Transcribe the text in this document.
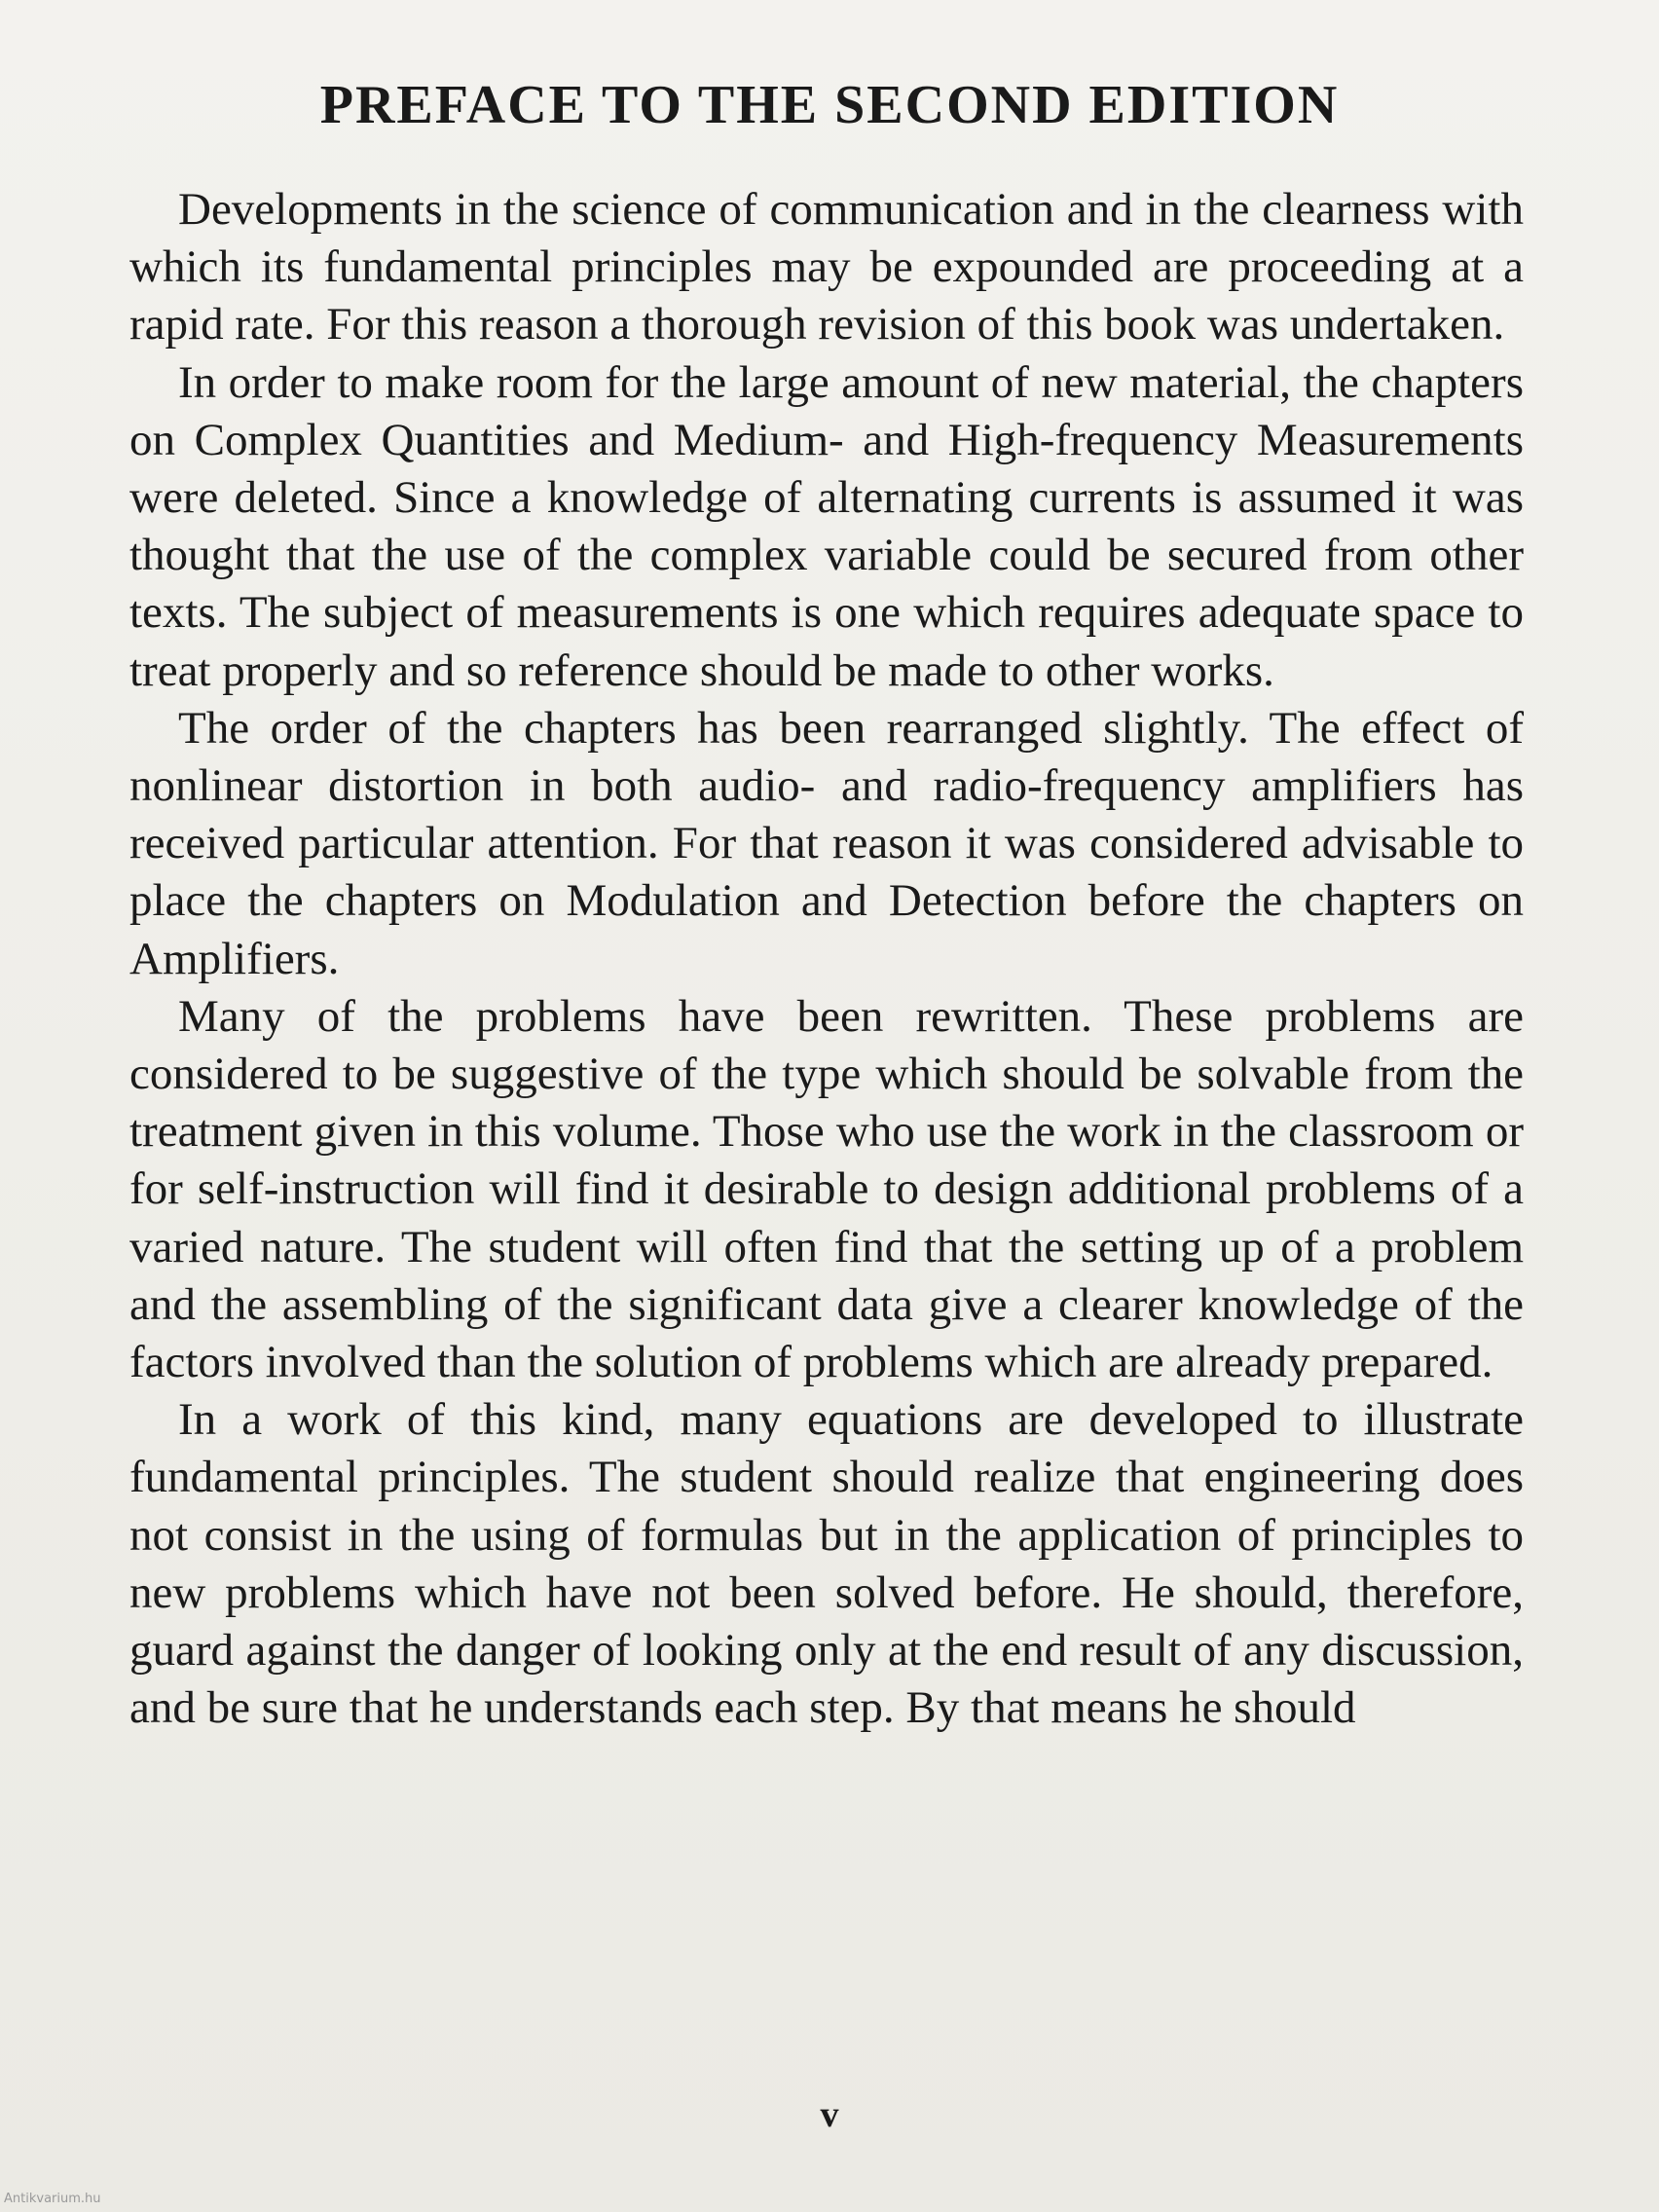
PREFACE TO THE SECOND EDITION

Developments in the science of communication and in the clearness with which its fundamental principles may be expounded are proceeding at a rapid rate. For this reason a thorough revision of this book was undertaken.

In order to make room for the large amount of new material, the chapters on Complex Quantities and Medium- and High-frequency Measurements were deleted. Since a knowledge of alternating currents is assumed it was thought that the use of the complex variable could be secured from other texts. The subject of measurements is one which requires adequate space to treat properly and so reference should be made to other works.

The order of the chapters has been rearranged slightly. The effect of nonlinear distortion in both audio- and radio-frequency amplifiers has received particular attention. For that reason it was considered advisable to place the chapters on Modulation and Detection before the chapters on Amplifiers.

Many of the problems have been rewritten. These problems are considered to be suggestive of the type which should be solvable from the treatment given in this volume. Those who use the work in the classroom or for self-instruction will find it desirable to design additional problems of a varied nature. The student will often find that the setting up of a problem and the assembling of the significant data give a clearer knowledge of the factors involved than the solution of problems which are already prepared.

In a work of this kind, many equations are developed to illustrate fundamental principles. The student should realize that engineering does not consist in the using of formulas but in the application of principles to new problems which have not been solved before. He should, therefore, guard against the danger of looking only at the end result of any discussion, and be sure that he understands each step. By that means he should

v

Antikvarium.hu
